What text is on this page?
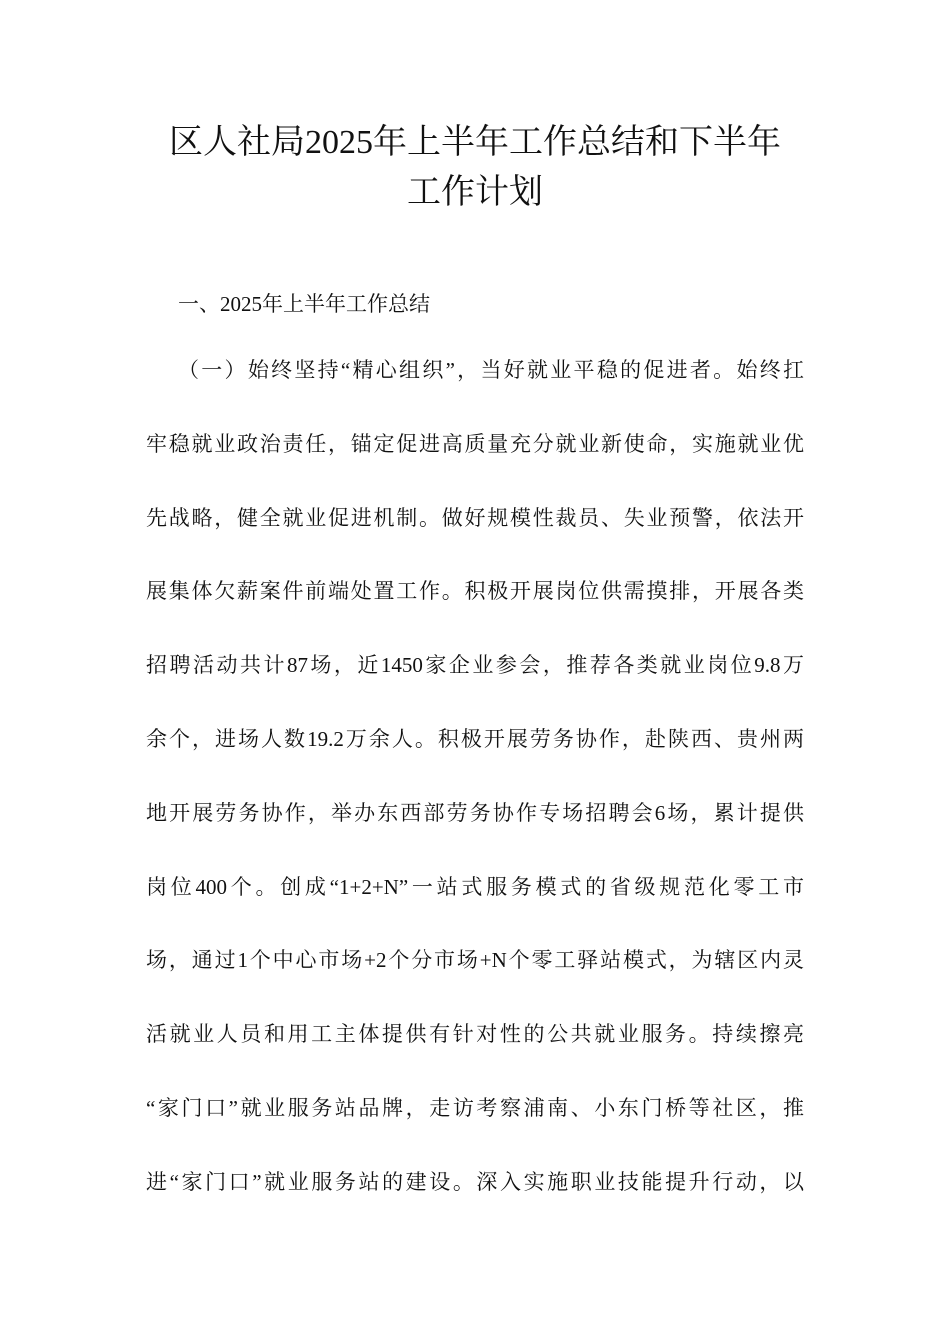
区人社局2025年上半年工作总结和下半年
工作计划
一、2025年上半年工作总结
（一）始终坚持“精心组织”，当好就业平稳的促进者。始终扛
牢稳就业政治责任，锚定促进高质量充分就业新使命，实施就业优
先战略，健全就业促进机制。做好规模性裁员、失业预警，依法开
展集体欠薪案件前端处置工作。积极开展岗位供需摸排，开展各类
招聘活动共计87场，近1450家企业参会，推荐各类就业岗位9.8万
余个，进场人数19.2万余人。积极开展劳务协作，赴陕西、贵州两
地开展劳务协作，举办东西部劳务协作专场招聘会6场，累计提供
岗位400个。创成“1+2+N”一站式服务模式的省级规范化零工市
场，通过1个中心市场+2个分市场+N个零工驿站模式，为辖区内灵
活就业人员和用工主体提供有针对性的公共就业服务。持续擦亮
“家门口”就业服务站品牌，走访考察浦南、小东门桥等社区，推
进“家门口”就业服务站的建设。深入实施职业技能提升行动，以
